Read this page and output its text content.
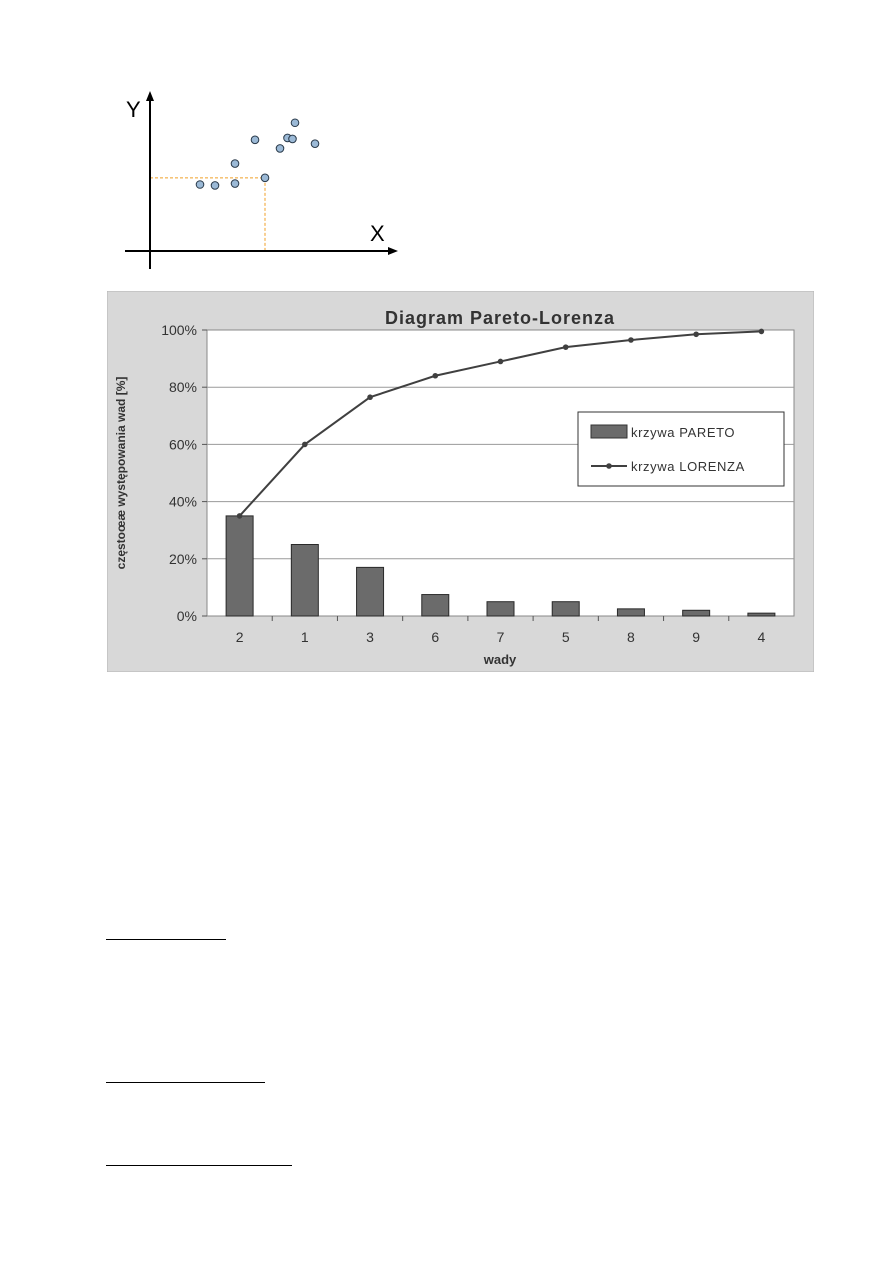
Y
X
Diagram Pareto-Lorenza
0%
20%
40%
60%
80%
100%
2	1	3	6	7	5	8	9	4
wady
częstoœæ występowania wad [%]	krzywa PARETO
krzywa LORENZA
